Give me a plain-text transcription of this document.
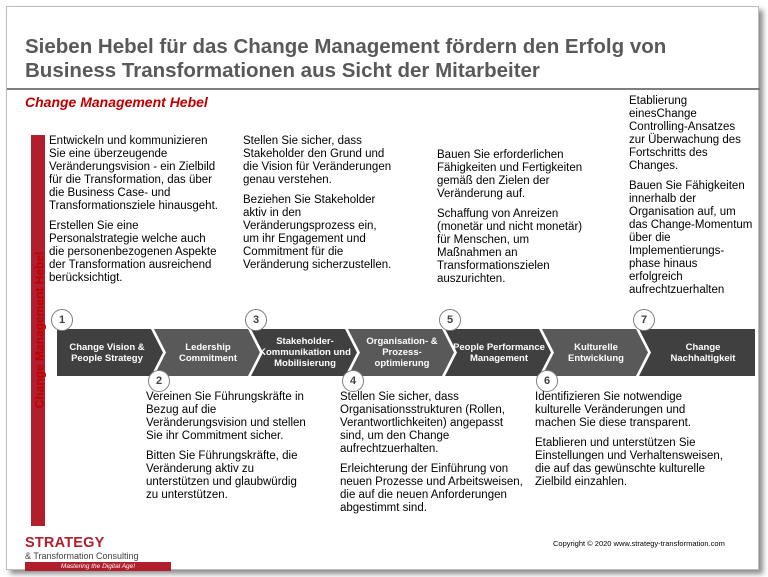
Sieben Hebel für das Change Management fördern den Erfolg von Business Transformationen aus Sicht der Mitarbeiter
Change Management Hebel
Change Management Hebel	Change Vision & People Strategy
Ledership Commitment
Stakeholder-Kommunikation und Mobilisierung
Organisation- & Prozess-optimierung
People Performance Management
Kulturelle Entwicklung
Change Nachhaltigkeit
1
2
3
4
5
6
7

Entwickeln und kommunizieren Sie eine überzeugende Veränderungsvision - ein Zielbild für die Transformation, das über die Business Case- und Transformationsziele hinausgeht.

Erstellen Sie eine Personalstrategie welche auch die personenbezogenen Aspekte der Transformation ausreichend berücksichtigt.

Stellen Sie sicher, dass Stakeholder den Grund und die Vision für Veränderungen genau verstehen.

Beziehen Sie Stakeholder aktiv in den Veränderungsprozess ein, um ihr Engagement und Commitment für die Veränderung sicherzustellen.

Bauen Sie erforderlichen Fähigkeiten und Fertigkeiten gemäß den Zielen der Veränderung auf.

Schaffung von Anreizen (monetär und nicht monetär) für Menschen, um Maßnahmen an Transformationszielen auszurichten.

Etablierung einesChange Controlling-Ansatzes zur Überwachung des Fortschritts des Changes.

Bauen Sie Fähigkeiten innerhalb der Organisation auf, um das Change-Momentum über die Implementierungs-phase hinaus erfolgreich aufrechtzuerhalten

Vereinen Sie Führungskräfte in Bezug auf die Veränderungsvision und stellen Sie ihr Commitment sicher.

Bitten Sie Führungskräfte, die Veränderung aktiv zu unterstützen und glaubwürdig zu unterstützen.

Stellen Sie sicher, dass Organisationsstrukturen (Rollen, Verantwortlichkeiten) angepasst sind, um den Change aufrechtzuerhalten.

Erleichterung der Einführung von neuen Prozesse und Arbeitsweisen, die auf die neuen Anforderungen abgestimmt sind.

Identifizieren Sie notwendige kulturelle Veränderungen und machen Sie diese transparent.

Etablieren und unterstützen Sie Einstellungen und Verhaltensweisen, die auf das gewünschte kulturelle Zielbild einzahlen.

STRATEGY
& Transformation Consulting
Mastering the Digital Age!
Copyright © 2020 www.strategy-transformation.com
